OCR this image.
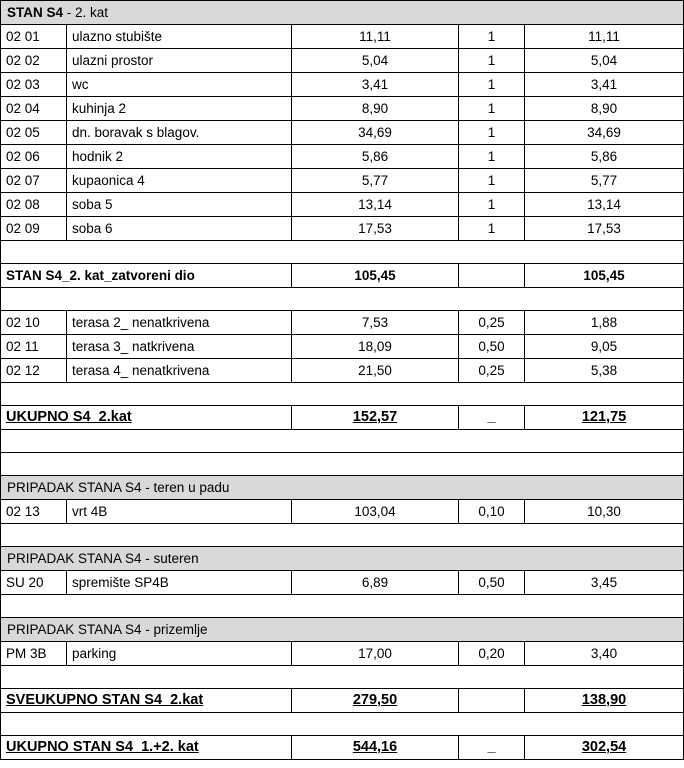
STAN S4 - 2. kat				
02 01	ulazno stubište	11,11	1	11,11
02 02	ulazni prostor	5,04	1	5,04
02 03	wc	3,41	1	3,41
02 04	kuhinja 2	8,90	1	8,90
02 05	dn. boravak s blagov.	34,69	1	34,69
02 06	hodnik 2	5,86	1	5,86
02 07	kupaonica 4	5,77	1	5,77
02 08	soba 5	13,14	1	13,14
02 09	soba 6	17,53	1	17,53

STAN S4_2. kat_zatvoreni dio		105,45		105,45

02 10	terasa 2_ nenatkrivena	7,53	0,25	1,88
02 11	terasa 3_ natkrivena	18,09	0,50	9,05
02 12	terasa 4_ nenatkrivena	21,50	0,25	5,38

UKUPNO S4_2.kat		152,57	_	121,75

PRIPADAK STANA S4 - teren u padu				
02 13	vrt 4B	103,04	0,10	10,30

PRIPADAK STANA S4 - suteren				
SU 20	spremište SP4B	6,89	0,50	3,45

PRIPADAK STANA S4 - prizemlje				
PM 3B	parking	17,00	0,20	3,40

SVEUKUPNO STAN S4_2.kat		279,50		138,90

UKUPNO STAN S4_1.+2. kat		544,16	_	302,54
